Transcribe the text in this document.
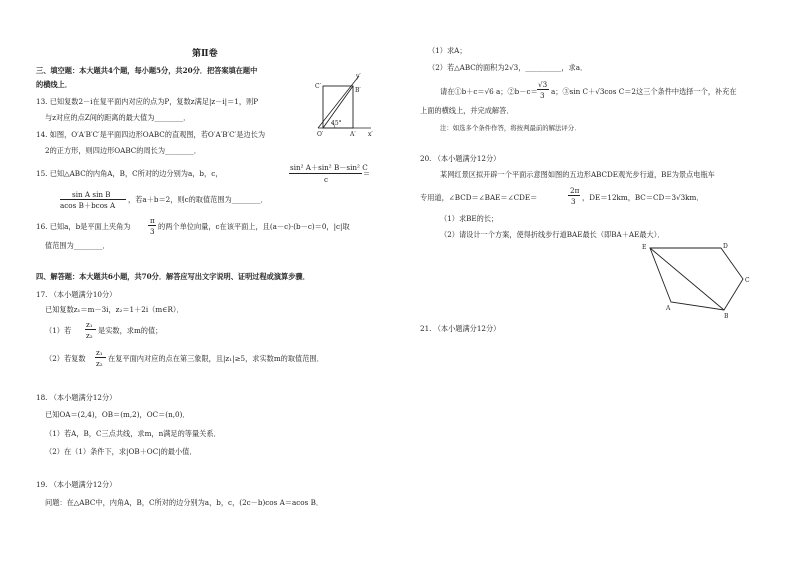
第Ⅱ卷
三、填空题：本大题共4个题，每小题5分，共20分．把答案填在题中
的横线上．
13. 已知复数2－i在复平面内对应的点为P，复数z满足|z－i|＝1，则P
与z对应的点Z间的距离的最大值为________．
14. 如图，O′A′B′C′是平面四边形OABC的直观图，若O′A′B′C′是边长为
2的正方形，则四边形OABC的周长为________．
C′
B′
O′	A′ x′
y′
45°
15. 已知△ABC的内角A，B，C所对的边分别为a，b，c，
sin² A＋sin² B－sin² C
c
＝
sin A sin B
acos B＋bcos A
，若a＋b＝2，则c的取值范围为________．
16. 已知a，b是平面上夹角为
π
3
的两个单位向量，c在该平面上，且(a－c)·(b－c)＝0，|c|取
值范围为________．
四、解答题：本大题共6小题，共70分．解答应写出文字说明、证明过程或演算步骤．
17. （本小题满分10分）
已知复数z₁＝m－3i，z₂＝1＋2i（m∈R）．
（1）若
z₁
z₂
是实数，求m的值；
（2）若复数
z₁
z₂
在复平面内对应的点在第三象限，且|z₁|≥5，求实数m的取值范围．
18. （本小题满分12分）
已知OA＝(2,4)，OB＝(m,2)，OC＝(n,0)．
（1）若A，B，C三点共线，求m，n满足的等量关系．
（2）在（1）条件下，求|OB＋OC|的最小值．
19. （本小题满分12分）
问题：在△ABC中，内角A，B，C所对的边分别为a，b，c，(2c－b)cos A＝acos B．
（1）求A；
（2）若△ABC的面积为2√3，__________，求a．
请在①b＋c＝√6 a；②b－c＝
√3
3 a；③sin C＋√3cos C＝2这三个条件中选择一个，补充在
上面的横线上，并完成解答．
注：如选多个条件作答，将按判最前的解法评分．
20. （本小题满分12分）
某网红景区拟开辟一个平面示意图如图的五边形ABCDE观光步行道，BE为景点电瓶车
专用道，∠BCD＝∠BAE＝∠CDE＝
2π
3 ，DE＝12km，BC＝CD＝3√3km．
（1）求BE的长；
（2）请设计一个方案，使得折线步行道BAE最长（即BA＋AE最大）．
E	D
C
B
A
21. （本小题满分12分）
